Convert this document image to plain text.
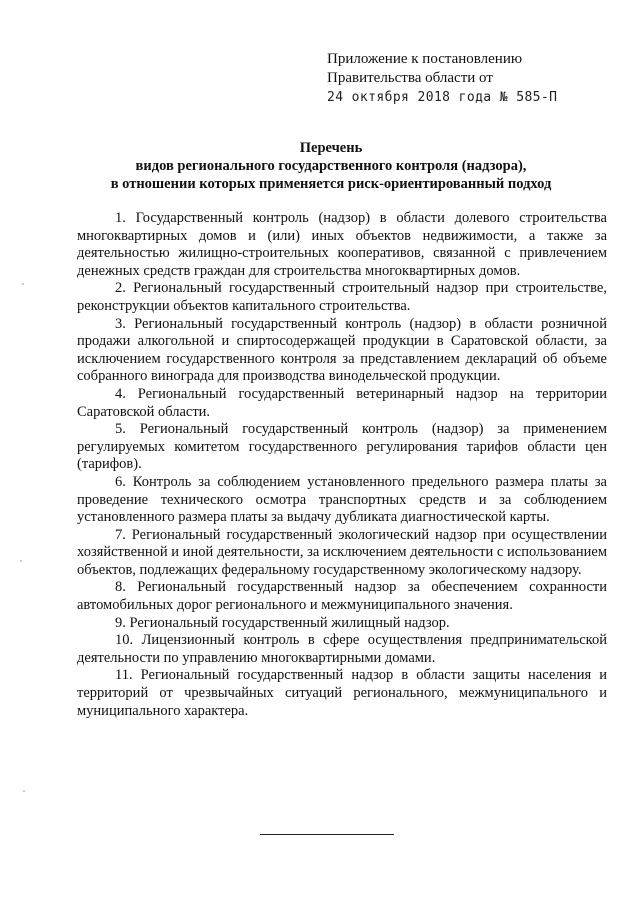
Приложение к постановлению
Правительства области от
24 октября 2018 года № 585-П
Перечень
видов регионального государственного контроля (надзора),
в отношении которых применяется риск-ориентированный подход

1. Государственный контроль (надзор) в области долевого строительства многоквартирных домов и (или) иных объектов недвижимости, а также за деятельностью жилищно-строительных кооперативов, связанной с привлечением денежных средств граждан для строительства многоквартирных домов.

2. Региональный государственный строительный надзор при строительстве, реконструкции объектов капитального строительства.

3. Региональный государственный контроль (надзор) в области розничной продажи алкогольной и спиртосодержащей продукции в Саратовской области, за исключением государственного контроля за представлением деклараций об объеме собранного винограда для производства винодельческой продукции.

4. Региональный государственный ветеринарный надзор на территории Саратовской области.

5. Региональный государственный контроль (надзор) за применением регулируемых комитетом государственного регулирования тарифов области цен (тарифов).

6. Контроль за соблюдением установленного предельного размера платы за проведение технического осмотра транспортных средств и за соблюдением установленного размера платы за выдачу дубликата диагностической карты.

7. Региональный государственный экологический надзор при осуществлении хозяйственной и иной деятельности, за исключением деятельности с использованием объектов, подлежащих федеральному государственному экологическому надзору.

8. Региональный государственный надзор за обеспечением сохранности автомобильных дорог регионального и межмуниципального значения.

9. Региональный государственный жилищный надзор.

10. Лицензионный контроль в сфере осуществления предпринимательской деятельности по управлению многоквартирными домами.

11. Региональный государственный надзор в области защиты населения и территорий от чрезвычайных ситуаций регионального, межмуниципального и муниципального характера.
